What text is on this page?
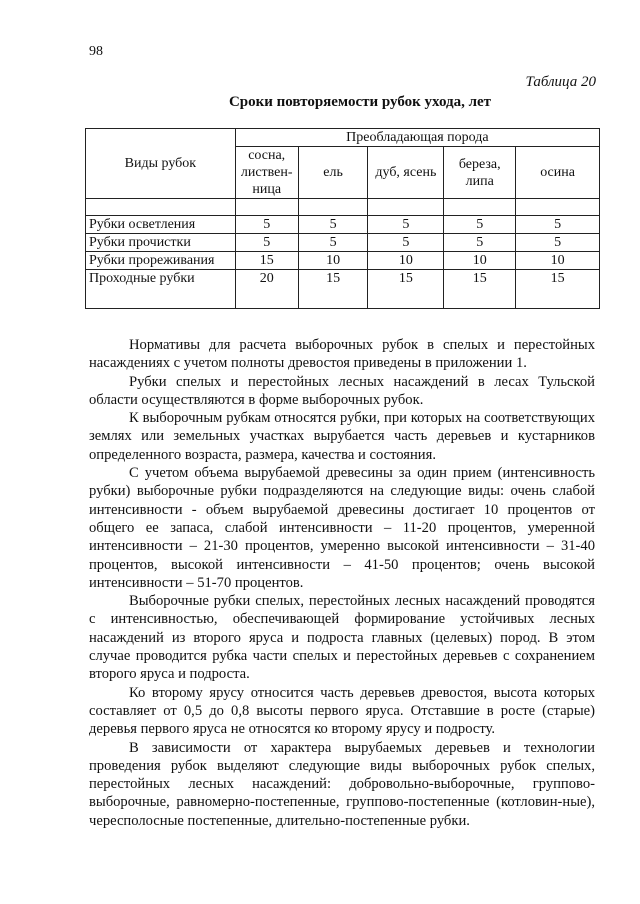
98
Таблица 20
Сроки повторяемости рубок ухода, лет
Виды рубок	Преобладающая порода				
	сосна, листвен-ница	ель	дуб, ясень	береза, липа	осина

Рубки осветления	5	5	5	5	5
Рубки прочистки	5	5	5	5	5
Рубки прореживания	15	10	10	10	10
Проходные рубки	20	15	15	15	15

Нормативы для расчета выборочных рубок в спелых и перестойных насаждениях с учетом полноты древостоя приведены в приложении 1.

Рубки спелых и перестойных лесных насаждений в лесах Тульской области осуществляются в форме выборочных рубок.

К выборочным рубкам относятся рубки, при которых на соответствующих землях или земельных участках вырубается часть деревьев и кустарников определенного возраста, размера, качества и состояния.

С учетом объема вырубаемой древесины за один прием (интенсивность рубки) выборочные рубки подразделяются на следующие виды: очень слабой интенсивности - объем вырубаемой древесины достигает 10 процентов от общего ее запаса, слабой интенсивности – 11-20 процентов, умеренной интенсивности – 21-30 процентов, умеренно высокой интенсивности – 31-40 процентов, высокой интенсивности – 41-50 процентов; очень высокой интенсивности – 51-70 процентов.

Выборочные рубки спелых, перестойных лесных насаждений проводятся с интенсивностью, обеспечивающей формирование устойчивых лесных насаждений из второго яруса и подроста главных (целевых) пород. В этом случае проводится рубка части спелых и перестойных деревьев с сохранением второго яруса и подроста.

Ко второму ярусу относится часть деревьев древостоя, высота которых составляет от 0,5 до 0,8 высоты первого яруса. Отставшие в росте (старые) деревья первого яруса не относятся ко второму ярусу и подросту.

В зависимости от характера вырубаемых деревьев и технологии проведения рубок выделяют следующие виды выборочных рубок спелых, перестойных лесных насаждений: добровольно-выборочные, группово-выборочные, равномерно-постепенные, группово-постепенные (котловин-ные), чересполосные постепенные, длительно-постепенные рубки.
